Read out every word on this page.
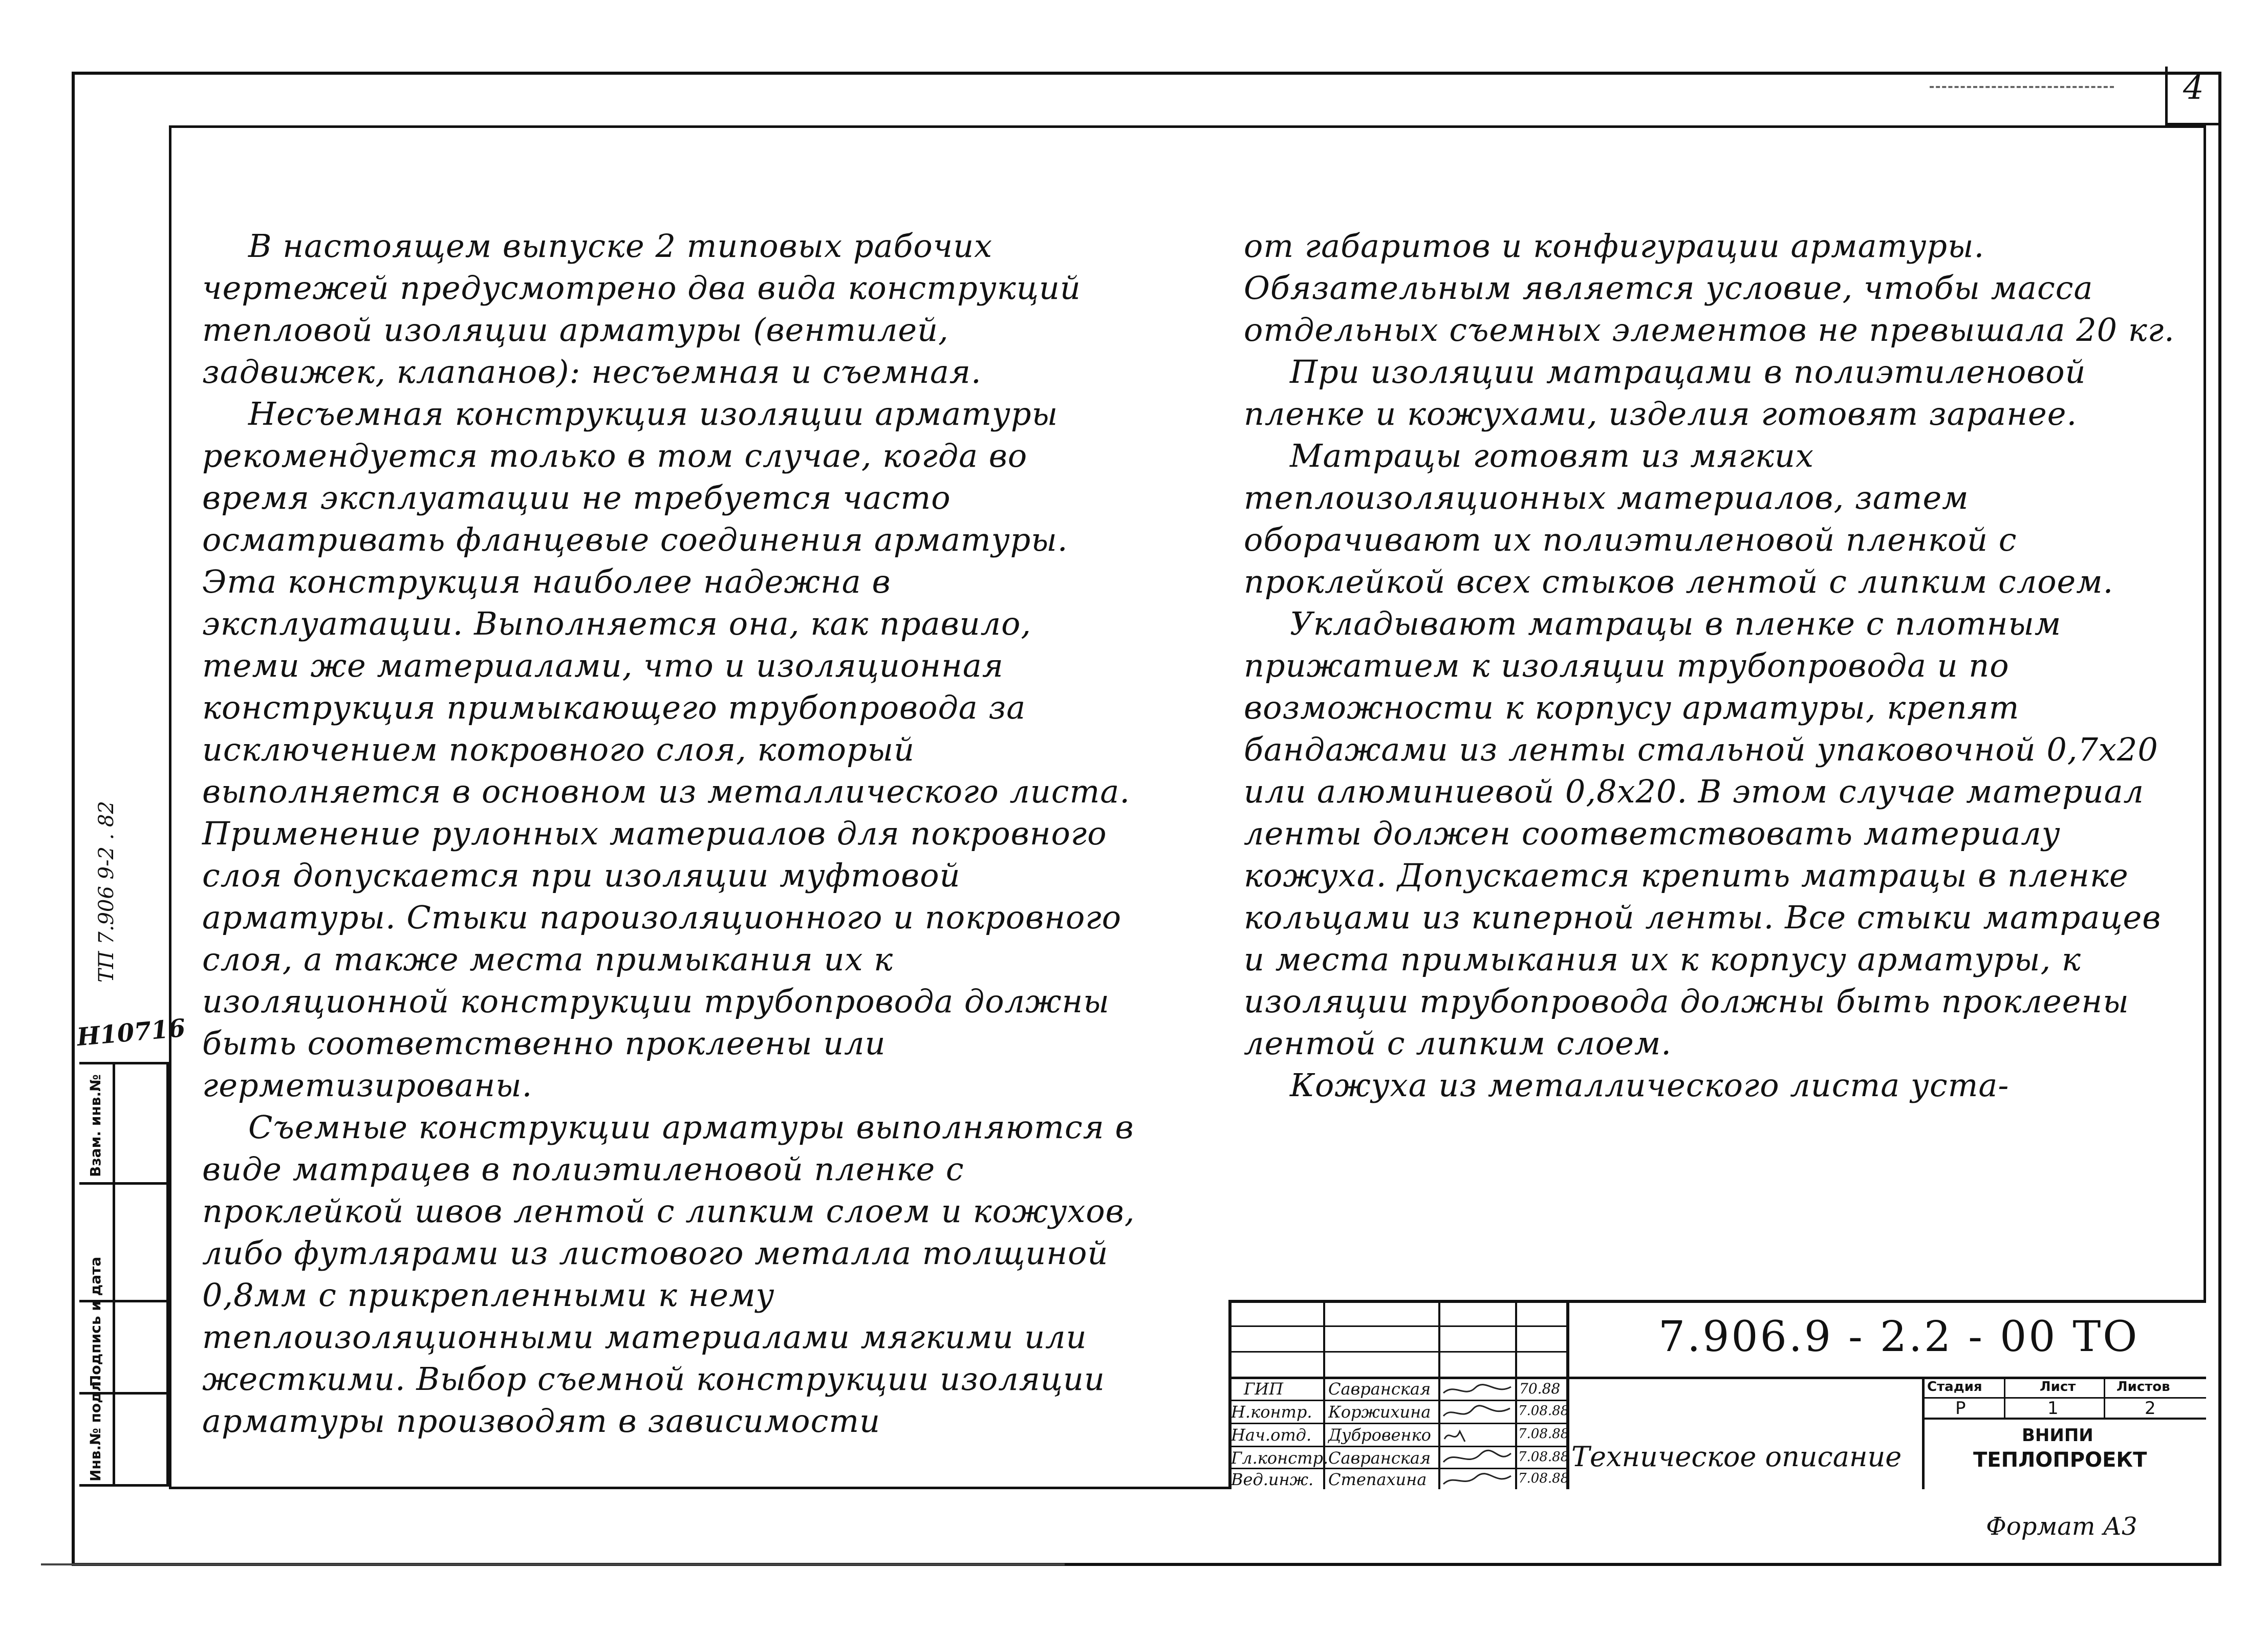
4
Инв.№ подл.
Подпись и дата
Взам. инв.№
ТП 7.906 9-2 . 82
Н10716

В настоящем выпуске 2 типовых рабочих чертежей предусмотрено два вида конструкций тепловой изоляции арматуры (вентилей, задвижек, клапанов): несъемная и съемная.

Несъемная конструкция изоляции арматуры рекомендуется только в том случае, когда во время эксплуатации не требуется часто осматривать фланцевые соединения арматуры. Эта конструкция наиболее надежна в эксплуатации. Выполняется она, как правило, теми же материалами, что и изоляционная конструкция примыкающего трубопровода за исключением покровного слоя, который выполняется в основном из металлического листа. Применение рулонных материалов для покровного слоя допускается при изоляции муфтовой арматуры. Стыки пароизоляционного и покровного слоя, а также места примыкания их к изоляционной конструкции трубопровода должны быть соответственно проклеены или герметизированы.

Съемные конструкции арматуры выполняются в виде матрацев в полиэтиленовой пленке с проклейкой швов лентой с липким слоем и кожухов, либо футлярами из листового металла толщиной 0,8мм с прикрепленными к нему теплоизоляционными материалами мягкими или жесткими. Выбор съемной конструкции изоляции арматуры производят в зависимости

от габаритов и конфигурации арматуры. Обязательным является условие, чтобы масса отдельных съемных элементов не превышала 20 кг.

При изоляции матрацами в полиэтиленовой пленке и кожухами, изделия готовят заранее.

Матрацы готовят из мягких теплоизоляционных материалов, затем оборачивают их полиэтиленовой пленкой с проклейкой всех стыков лентой с липким слоем.

Укладывают матрацы в пленке с плотным прижатием к изоляции трубопровода и по возможности к корпусу арматуры, крепят бандажами из ленты стальной упаковочной 0,7х20 или алюминиевой 0,8х20. В этом случае материал ленты должен соответствовать материалу кожуха. Допускается крепить матрацы в пленке кольцами из киперной ленты. Все стыки матрацев и места примыкания их к корпусу арматуры, к изоляции трубопровода должны быть проклеены лентой с липким слоем.

Кожуха из металлического листа уста-

7.906.9 - 2.2 - 00 ТО
Техническое описание
Стадия	Лист	Листов
Р	1	2
ВНИПИ
ТЕПЛОПРОЕКТ
ГИП	Савранская	70.88
Н.контр. Коржихина	7.08.88
Нач.отд. Дубровенко	7.08.88
Гл.констр. Савранская	7.08.88
Вед.инж. Степахина	7.08.88
Формат А3
